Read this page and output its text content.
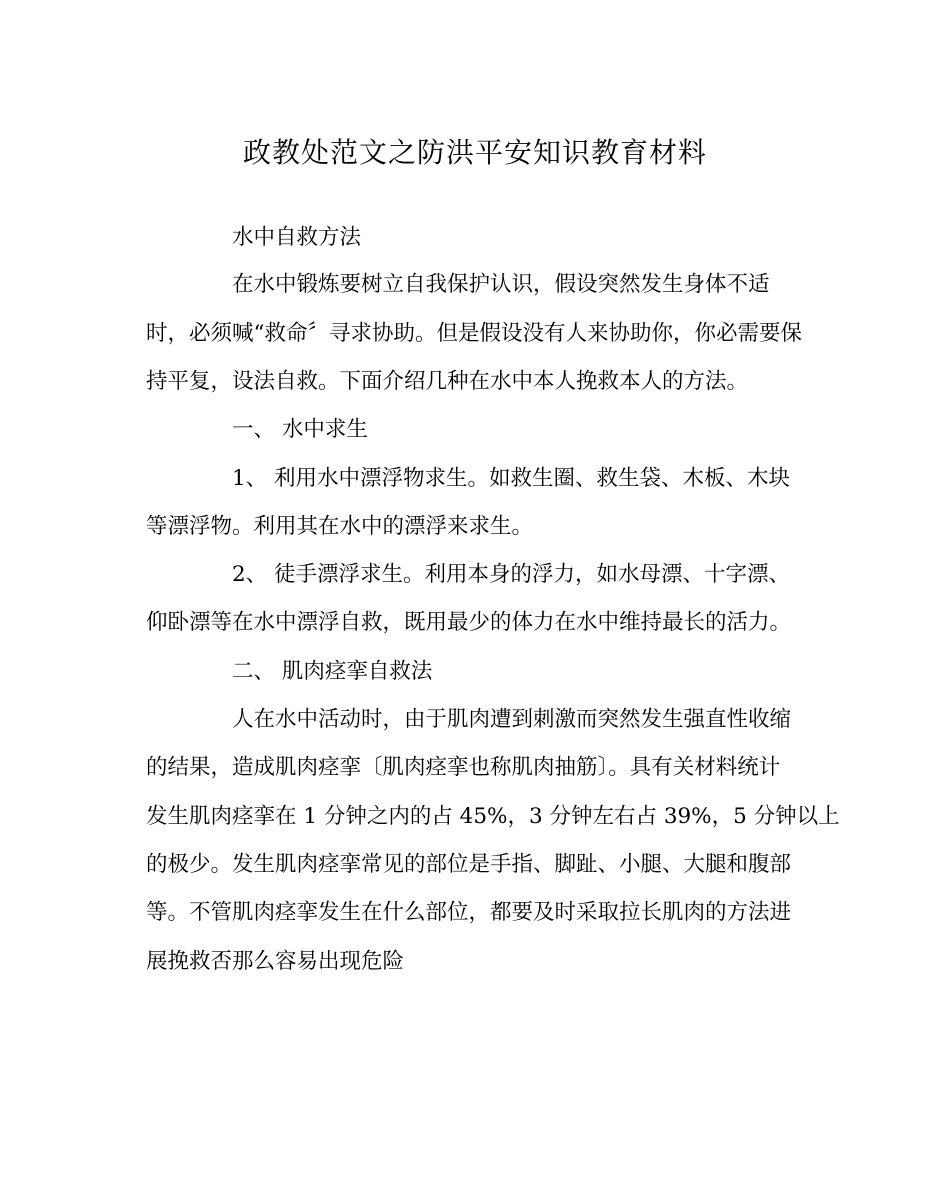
政教处范文之防洪平安知识教育材料
水中自救方法
在水中锻炼要树立自我保护认识，假设突然发生身体不适
时，必须喊“救命〞寻求协助。但是假设没有人来协助你，你必需要保
持平复，设法自救。下面介绍几种在水中本人挽救本人的方法。
一、 水中求生
1、 利用水中漂浮物求生。如救生圈、救生袋、木板、木块
等漂浮物。利用其在水中的漂浮来求生。
2、 徒手漂浮求生。利用本身的浮力，如水母漂、十字漂、
仰卧漂等在水中漂浮自救，既用最少的体力在水中维持最长的活力。
二、 肌肉痉挛自救法
人在水中活动时，由于肌肉遭到刺激而突然发生强直性收缩
的结果，造成肌肉痉挛〔肌肉痉挛也称肌肉抽筋〕。具有关材料统计
发生肌肉痉挛在 1 分钟之内的占 45%，3 分钟左右占 39%，5 分钟以上
的极少。发生肌肉痉挛常见的部位是手指、脚趾、小腿、大腿和腹部
等。不管肌肉痉挛发生在什么部位，都要及时采取拉长肌肉的方法进
展挽救否那么容易出现危险
